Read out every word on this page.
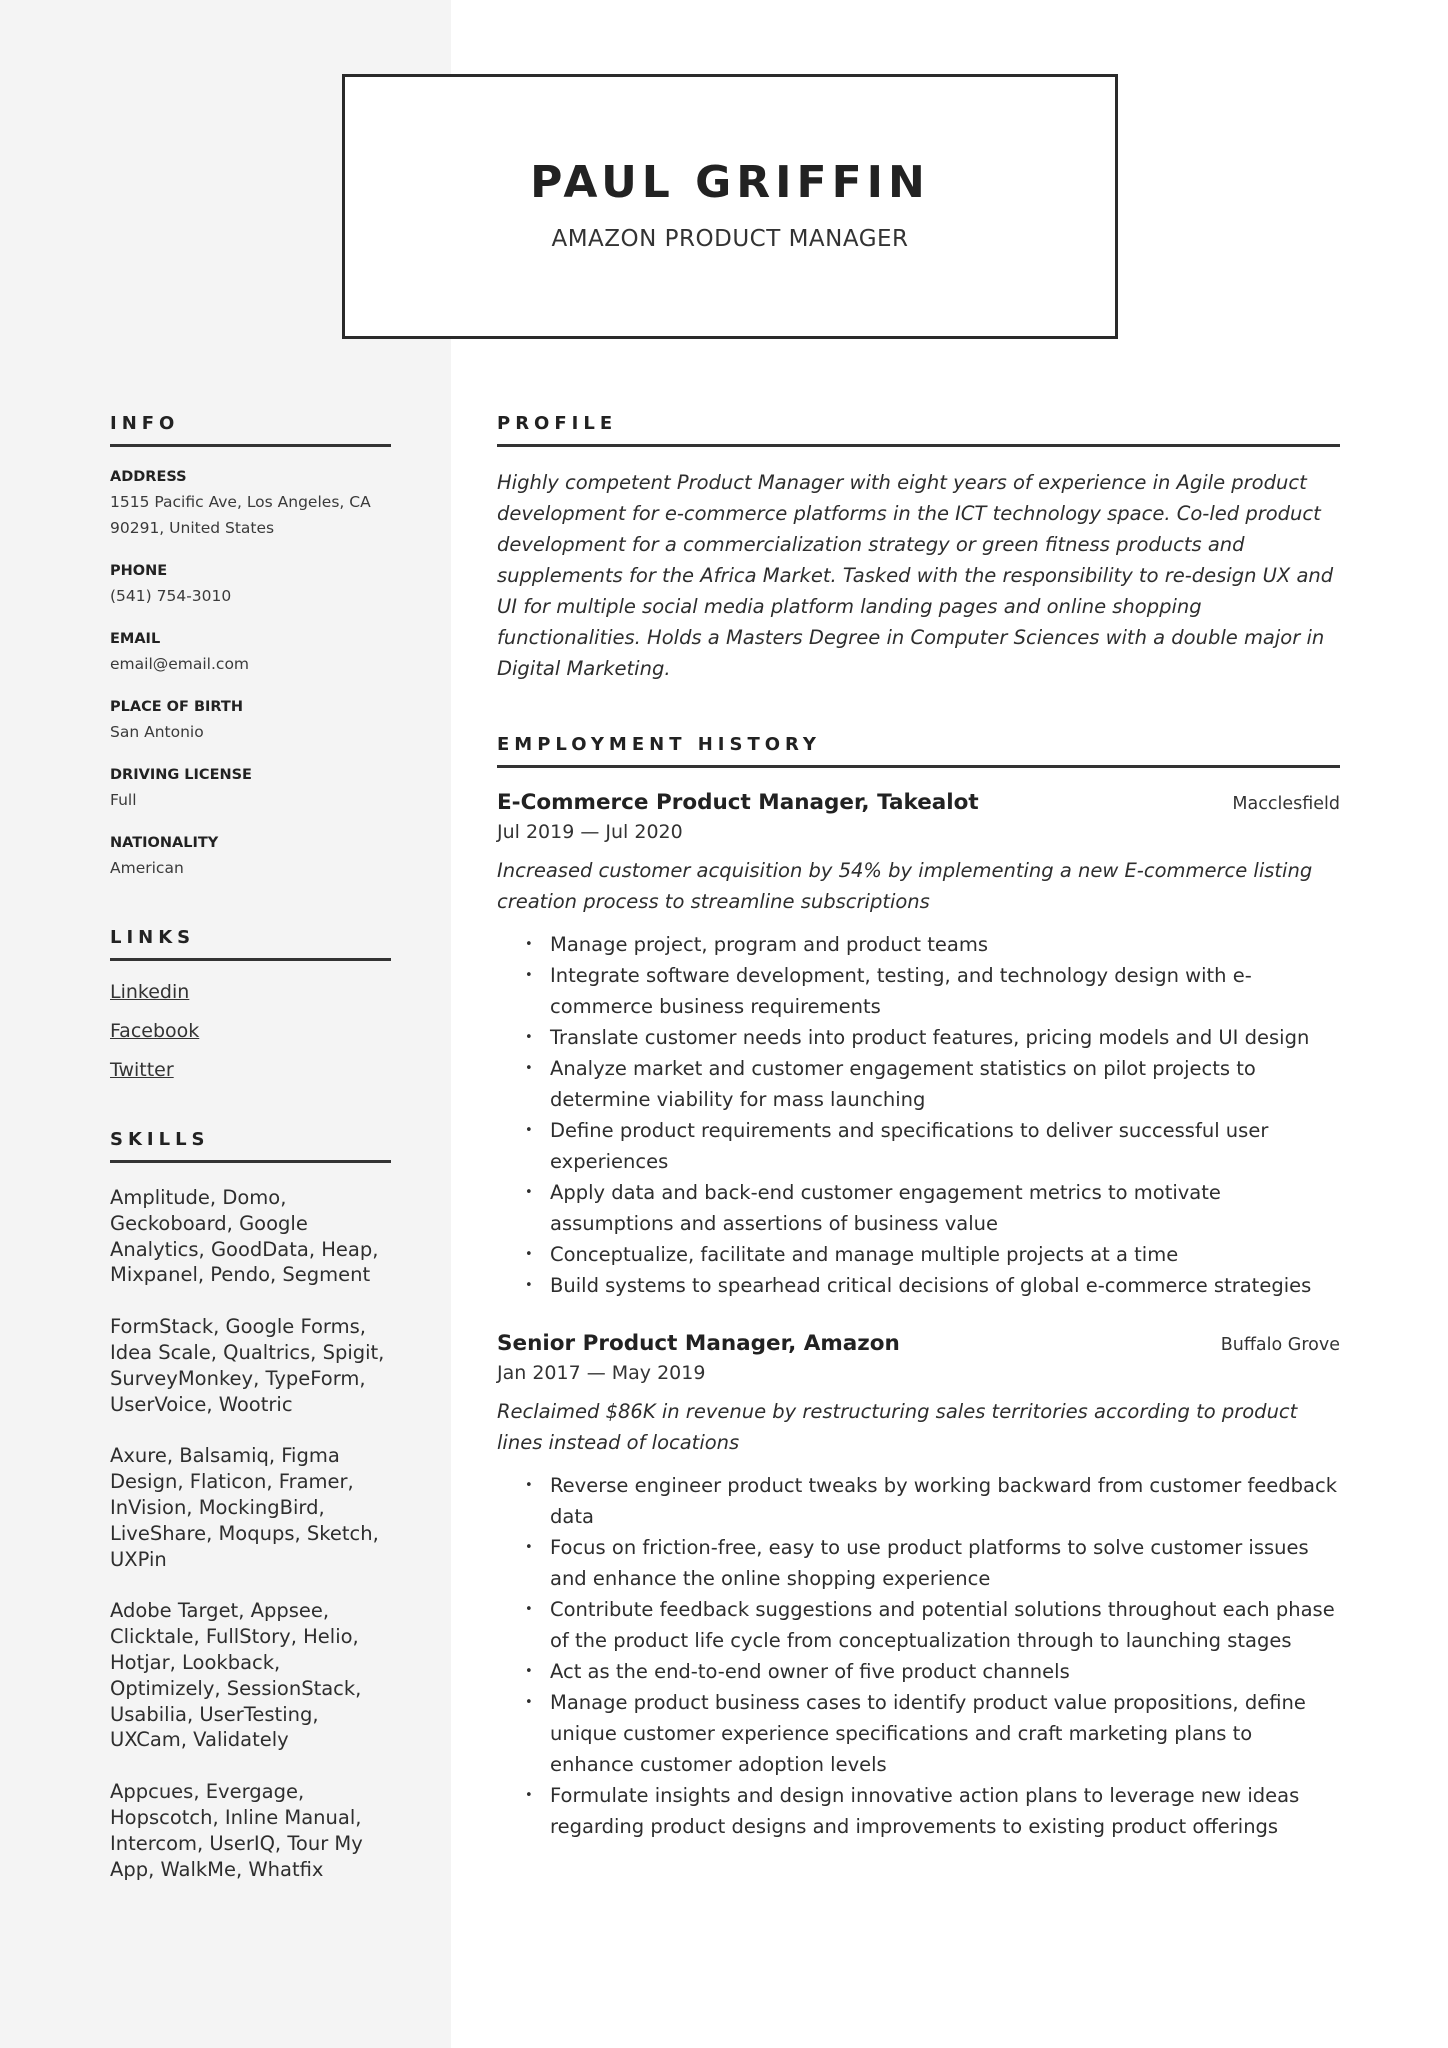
PAUL GRIFFIN
AMAZON PRODUCT MANAGER
INFO
ADDRESS
1515 Pacific Ave, Los Angeles, CA 90291, United States
PHONE
(541) 754-3010
EMAIL
email@email.com
PLACE OF BIRTH
San Antonio
DRIVING LICENSE
Full
NATIONALITY
American
LINKS
Linkedin
Facebook
Twitter
SKILLS
Amplitude, Domo, Geckoboard, Google Analytics, GoodData, Heap, Mixpanel, Pendo, Segment
FormStack, Google Forms, Idea Scale, Qualtrics, Spigit, SurveyMonkey, TypeForm, UserVoice, Wootric
Axure, Balsamiq, Figma Design, Flaticon, Framer, InVision, MockingBird, LiveShare, Moqups, Sketch, UXPin
Adobe Target, Appsee, Clicktale, FullStory, Helio, Hotjar, Lookback, Optimizely, SessionStack, Usabilia, UserTesting, UXCam, Validately
Appcues, Evergage, Hopscotch, Inline Manual, Intercom, UserIQ, Tour My App, WalkMe, Whatfix
PROFILE
Highly competent Product Manager with eight years of experience in Agile product development for e-commerce platforms in the ICT technology space. Co-led product development for a commercialization strategy or green fitness products and supplements for the Africa Market. Tasked with the responsibility to re-design UX and UI for multiple social media platform landing pages and online shopping functionalities. Holds a Masters Degree in Computer Sciences with a double major in Digital Marketing.
EMPLOYMENT HISTORY
E-Commerce Product Manager, Takealot	Macclesfield
Jul 2019 — Jul 2020
Increased customer acquisition by 54% by implementing a new E-commerce listing creation process to streamline subscriptions
• Manage project, program and product teams
• Integrate software development, testing, and technology design with e-commerce business requirements
• Translate customer needs into product features, pricing models and UI design
• Analyze market and customer engagement statistics on pilot projects to determine viability for mass launching
• Define product requirements and specifications to deliver successful user experiences
• Apply data and back-end customer engagement metrics to motivate assumptions and assertions of business value
• Conceptualize, facilitate and manage multiple projects at a time
• Build systems to spearhead critical decisions of global e-commerce strategies
Senior Product Manager, Amazon	Buffalo Grove
Jan 2017 — May 2019
Reclaimed $86K in revenue by restructuring sales territories according to product lines instead of locations
• Reverse engineer product tweaks by working backward from customer feedback data
• Focus on friction-free, easy to use product platforms to solve customer issues and enhance the online shopping experience
• Contribute feedback suggestions and potential solutions throughout each phase of the product life cycle from conceptualization through to launching stages
• Act as the end-to-end owner of five product channels
• Manage product business cases to identify product value propositions, define unique customer experience specifications and craft marketing plans to enhance customer adoption levels
• Formulate insights and design innovative action plans to leverage new ideas regarding product designs and improvements to existing product offerings
